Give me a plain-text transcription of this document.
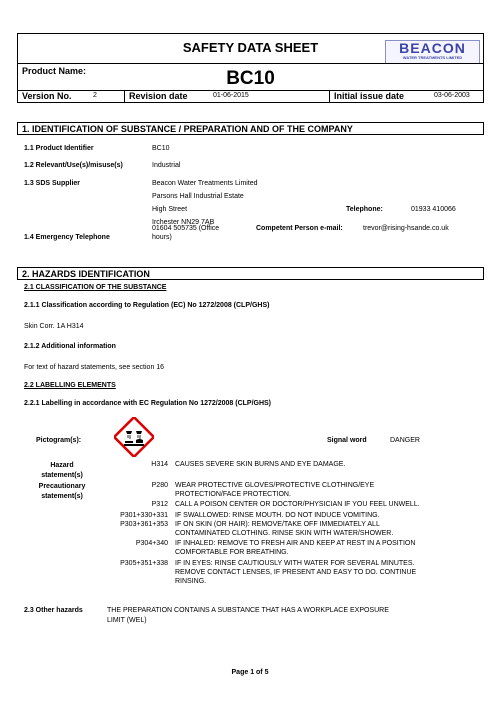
SAFETY DATA SHEET	BEACON
WATER TREATMENTS LIMITED
Product Name:	BC10
Version No.	2	Revision date	01-06-2015	Initial issue date	03-06-2003
1. IDENTIFICATION OF SUBSTANCE / PREPARATION AND OF THE COMPANY
1.1 Product Identifier	BC10
1.2 Relevant/Use(s)/misuse(s)	Industrial
1.3 SDS Supplier	Beacon Water Treatments Limited
Parsons Hall Industrial Estate
High Street
Irchester NN29 7AB
Telephone:	01933 410066
1.4 Emergency Telephone
01604 505735 (Office
hours)
Competent Person e-mail:	trevor@rising-hsande.co.uk
2. HAZARDS IDENTIFICATION
2.1 CLASSIFICATION OF THE SUBSTANCE
2.1.1 Classification according to Regulation (EC) No 1272/2008 (CLP/GHS)
Skin Corr. 1A H314
2.1.2 Additional information
For text of hazard statements, see section 16
2.2 LABELLING ELEMENTS
2.2.1 Labelling in accordance with EC Regulation No 1272/2008 (CLP/GHS)
Pictogram(s):	Signal word	DANGER
Hazard
statement(s)
H314 CAUSES SEVERE SKIN BURNS AND EYE DAMAGE.
Precautionary
statement(s)
P280 WEAR PROTECTIVE GLOVES/PROTECTIVE CLOTHING/EYE
PROTECTION/FACE PROTECTION.
P312 CALL A POISON CENTER OR DOCTOR/PHYSICIAN IF YOU FEEL UNWELL.
P301+330+331 IF SWALLOWED: RINSE MOUTH. DO NOT INDUCE VOMITING.
P303+361+353 IF ON SKIN (OR HAIR): REMOVE/TAKE OFF IMMEDIATELY ALL
CONTAMINATED CLOTHING. RINSE SKIN WITH WATER/SHOWER.
P304+340 IF INHALED: REMOVE TO FRESH AIR AND KEEP AT REST IN A POSITION
COMFORTABLE FOR BREATHING.
P305+351+338 IF IN EYES: RINSE CAUTIOUSLY WITH WATER FOR SEVERAL MINUTES.
REMOVE CONTACT LENSES, IF PRESENT AND EASY TO DO. CONTINUE
RINSING.
2.3 Other hazards	THE PREPARATION CONTAINS A SUBSTANCE THAT HAS A WORKPLACE EXPOSURE
LIMIT (WEL)
Page 1 of 5
